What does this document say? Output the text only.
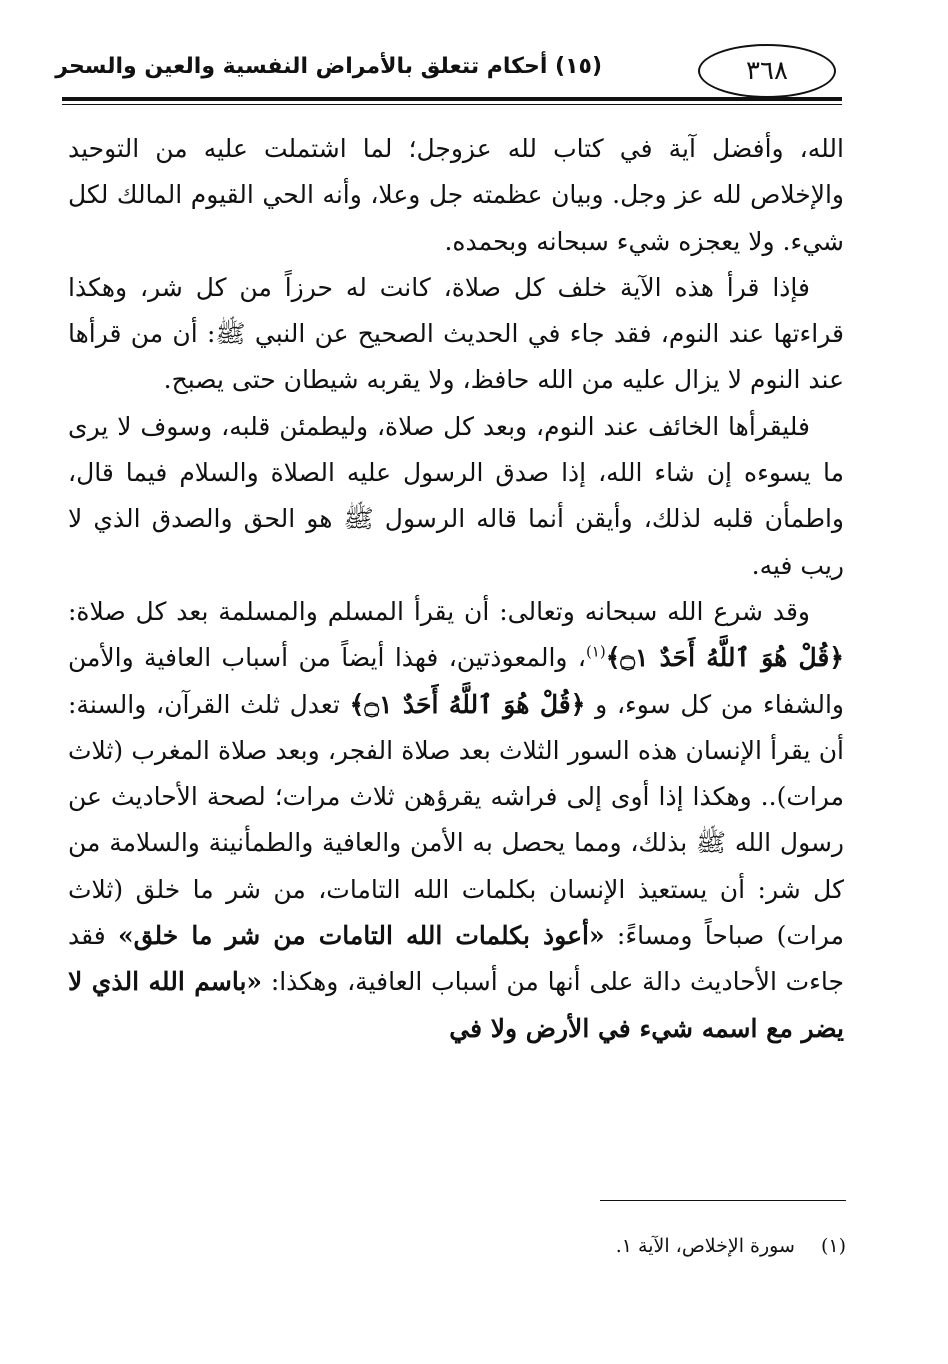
(١٥) أحكام تتعلق بالأمراض النفسية والعين والسحر	٣٦٨

الله، وأفضل آية في كتاب لله عزوجل؛ لما اشتملت عليه من التوحيد والإخلاص لله عز وجل. وبيان عظمته جل وعلا، وأنه الحي القيوم المالك لكل شيء. ولا يعجزه شيء سبحانه وبحمده.

فإذا قرأ هذه الآية خلف كل صلاة، كانت له حرزاً من كل شر، وهكذا قراءتها عند النوم، فقد جاء في الحديث الصحيح عن النبي ﷺ: أن من قرأها عند النوم لا يزال عليه من الله حافظ، ولا يقربه شيطان حتى يصبح.

فليقرأها الخائف عند النوم، وبعد كل صلاة، وليطمئن قلبه، وسوف لا يرى ما يسوءه إن شاء الله، إذا صدق الرسول عليه الصلاة والسلام فيما قال، واطمأن قلبه لذلك، وأيقن أنما قاله الرسول ﷺ هو الحق والصدق الذي لا ريب فيه.

وقد شرع الله سبحانه وتعالى: أن يقرأ المسلم والمسلمة بعد كل صلاة: ﴿قُلْ هُوَ ٱللَّهُ أَحَدٌ ۝١﴾$^{(١)}$، والمعوذتين، فهذا أيضاً من أسباب العافية والأمن والشفاء من كل سوء، و ﴿قُلْ هُوَ ٱللَّهُ أَحَدٌ ۝١﴾ تعدل ثلث القرآن، والسنة: أن يقرأ الإنسان هذه السور الثلاث بعد صلاة الفجر، وبعد صلاة المغرب (ثلاث مرات).. وهكذا إذا أوى إلى فراشه يقرؤهن ثلاث مرات؛ لصحة الأحاديث عن رسول الله ﷺ بذلك، ومما يحصل به الأمن والعافية والطمأنينة والسلامة من كل شر: أن يستعيذ الإنسان بكلمات الله التامات، من شر ما خلق (ثلاث مرات) صباحاً ومساءً: «أعوذ بكلمات الله التامات من شر ما خلق» فقد جاءت الأحاديث دالة على أنها من أسباب العافية، وهكذا: «باسم الله الذي لا يضر مع اسمه شيء في الأرض ولا في

(١) سورة الإخلاص، الآية ١.
